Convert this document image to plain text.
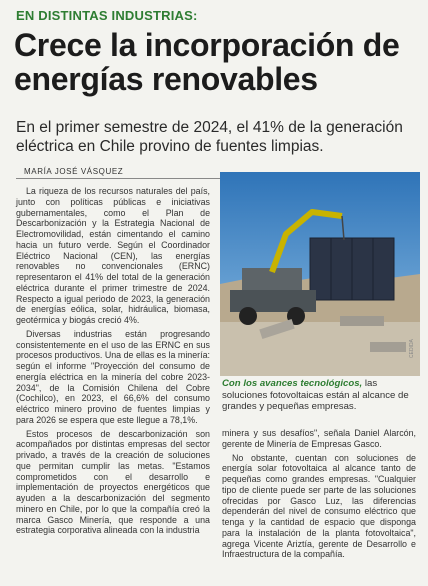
EN DISTINTAS INDUSTRIAS:
Crece la incorporación de energías renovables
En el primer semestre de 2024, el 41% de la generación eléctrica en Chile provino de fuentes limpias.
MARÍA JOSÉ VÁSQUEZ

La riqueza de los recursos naturales del país, junto con políticas públicas e iniciativas gubernamentales, como el Plan de Descarbonización y la Estrategia Nacional de Electromovilidad, están cimentando el camino hacia un futuro verde. Según el Coordinador Eléctrico Nacional (CEN), las energías renovables no convencionales (ERNC) representaron el 41% del total de la generación eléctrica durante el primer trimestre de 2024. Respecto a igual periodo de 2023, la generación de energías eólica, solar, hidráulica, biomasa, geotérmica y biogás creció 4%.

Diversas industrias están progresando consistentemente en el uso de las ERNC en sus procesos productivos. Una de ellas es la minería: según el informe "Proyección del consumo de energía eléctrica en la minería del cobre 2023-2034", de la Comisión Chilena del Cobre (Cochilco), en 2023, el 66,6% del consumo eléctrico minero provino de fuentes limpias y para 2026 se espera que este llegue a 78,1%.

Estos procesos de descarbonización son acompañados por distintas empresas del sector privado, a través de la creación de soluciones que permitan cumplir las metas. "Estamos comprometidos con el desarrollo e implementación de proyectos energéticos que ayuden a la descarbonización del segmento minero en Chile, por lo que la compañía creó la marca Gasco Minería, que responde a una estrategia corporativa alineada con la industria

CEDIDA
Con los avances tecnológicos, las soluciones fotovoltaicas están al alcance de grandes y pequeñas empresas.

minera y sus desafíos", señala Daniel Alarcón, gerente de Minería de Empresas Gasco.

No obstante, cuentan con soluciones de energía solar fotovoltaica al alcance tanto de pequeñas como grandes empresas. "Cualquier tipo de cliente puede ser parte de las soluciones ofrecidas por Gasco Luz, las diferencias dependerán del nivel de consumo eléctrico que tenga y la cantidad de espacio que disponga para la instalación de la planta fotovoltaica", agrega Vicente Ariztía, gerente de Desarrollo e Infraestructura de la compañía.
